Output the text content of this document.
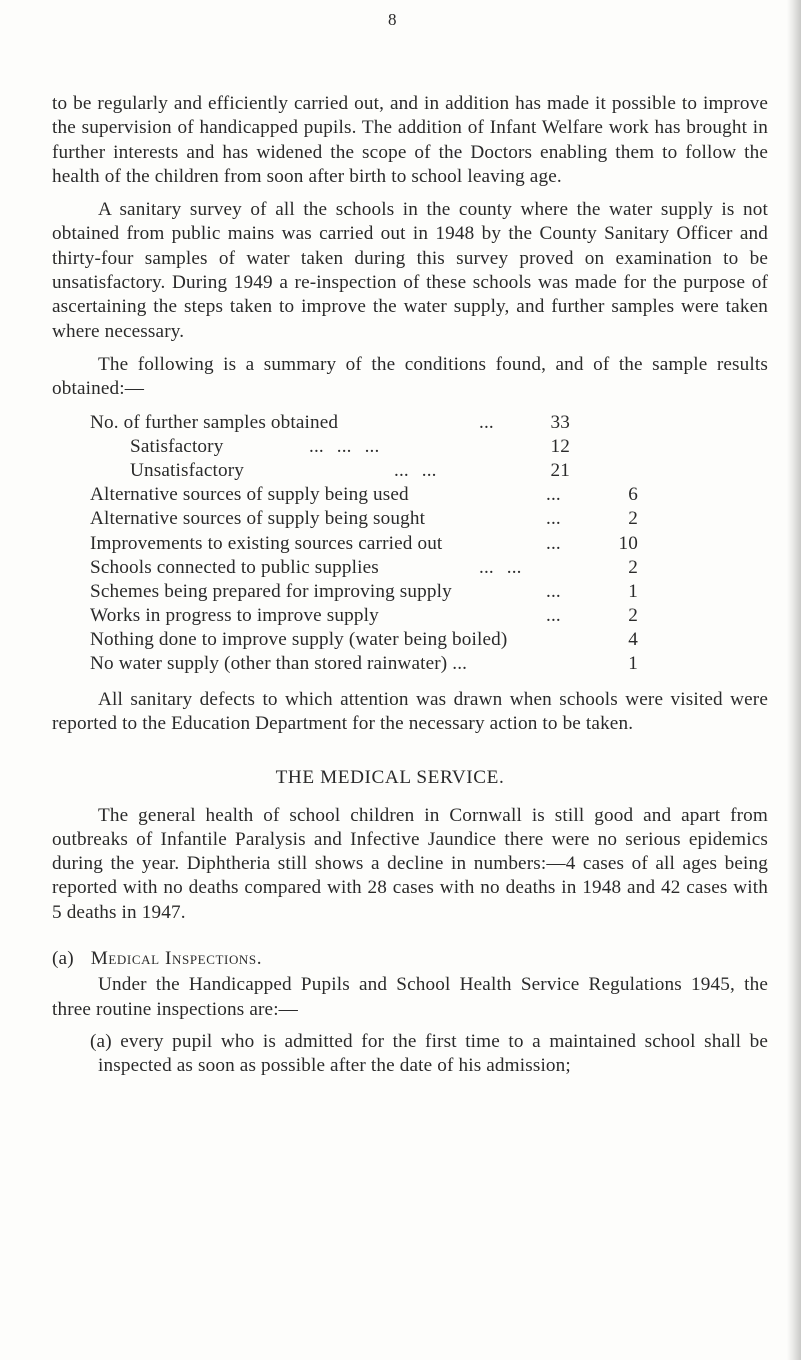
8

to be regularly and efficiently carried out, and in addition has made it possible to improve the supervision of handicapped pupils. The addition of Infant Welfare work has brought in further interests and has widened the scope of the Doctors enabling them to follow the health of the children from soon after birth to school leaving age.

A sanitary survey of all the schools in the county where the water supply is not obtained from public mains was carried out in 1948 by the County Sanitary Officer and thirty-four samples of water taken during this survey proved on examination to be unsatisfactory. During 1949 a re-inspection of these schools was made for the purpose of ascertaining the steps taken to improve the water supply, and further samples were taken where necessary.

The following is a summary of the conditions found, and of the sample results obtained:—

No. of further samples obtained	...	33
Satisfactory	... ... ...	12
Unsatisfactory	... ...	21
Alternative sources of supply being used	...	6
Alternative sources of supply being sought	...	2
Improvements to existing sources carried out	...	10
Schools connected to public supplies	... ...	2
Schemes being prepared for improving supply	...	1
Works in progress to improve supply	...	2
Nothing done to improve supply (water being boiled)	4
No water supply (other than stored rainwater) ...	1

All sanitary defects to which attention was drawn when schools were visited were reported to the Education Department for the necessary action to be taken.

THE MEDICAL SERVICE.

The general health of school children in Cornwall is still good and apart from outbreaks of Infantile Paralysis and Infective Jaundice there were no serious epidemics during the year. Diphtheria still shows a decline in numbers:—4 cases of all ages being reported with no deaths compared with 28 cases with no deaths in 1948 and 42 cases with 5 deaths in 1947.

(a) Medical Inspections.

Under the Handicapped Pupils and School Health Service Regulations 1945, the three routine inspections are:—

(a) every pupil who is admitted for the first time to a maintained school shall be inspected as soon as possible after the date of his admission;
